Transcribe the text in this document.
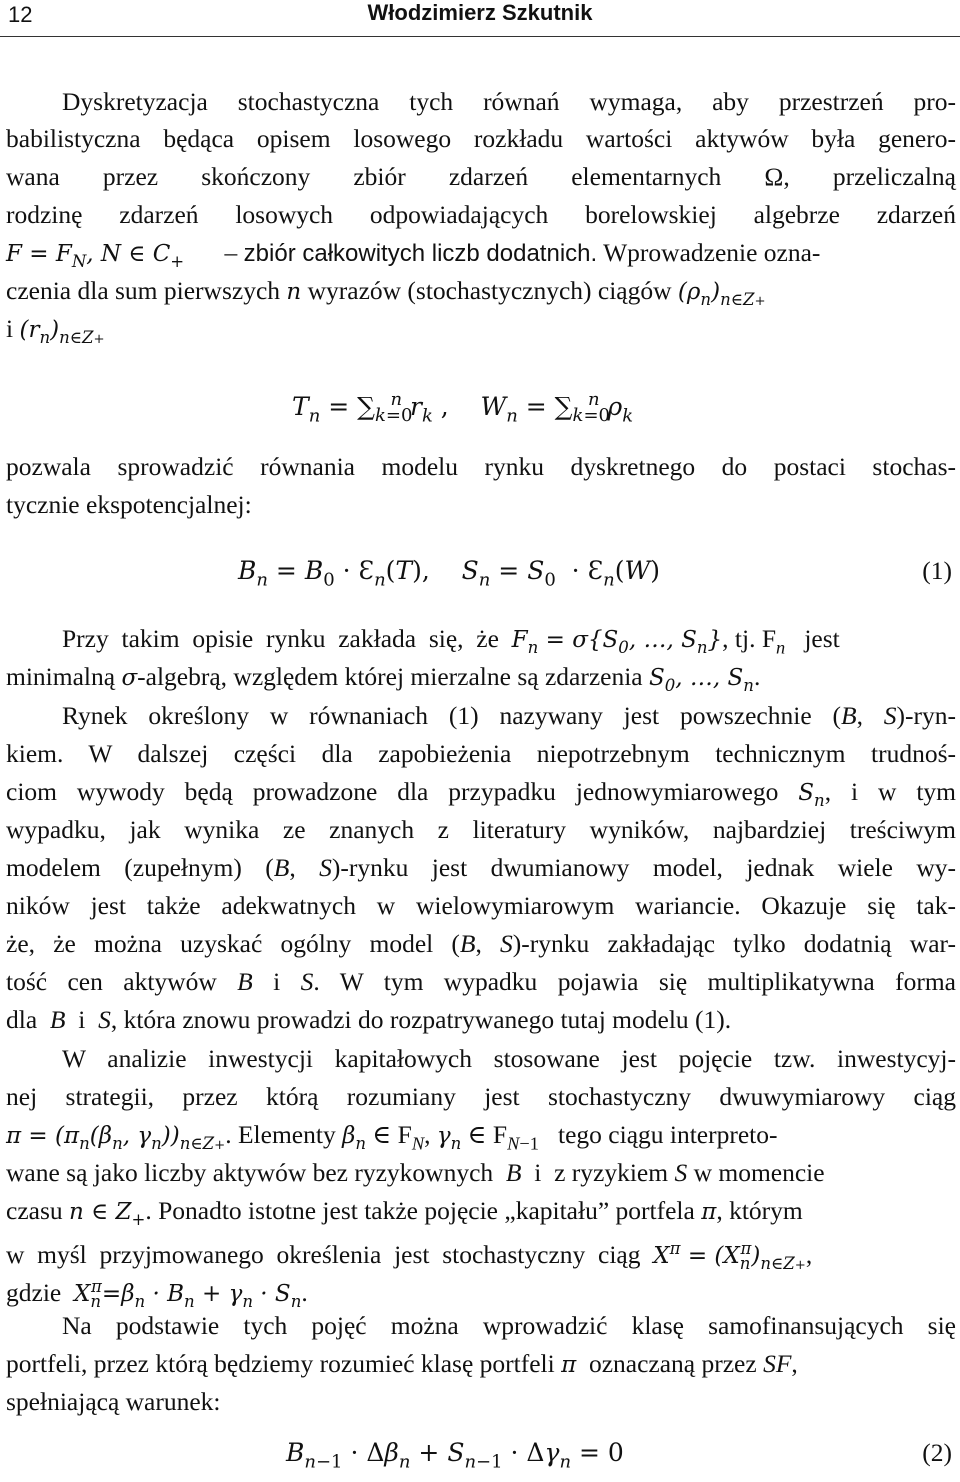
12	Włodzimierz Szkutnik
Dyskretyzacja stochastyczna tych równań wymaga, aby przestrzeń pro-
babilistyczna będąca opisem losowego rozkładu wartości aktywów była genero-
wana przez skończony zbiór zdarzeń elementarnych Ω, przeliczalną
rodzinę zdarzeń losowych odpowiadających borelowskiej algebrze zdarzeń
$F = F_N$, N ∈ $C_+$ – zbiór całkowitych liczb dodatnich. Wprowadzenie ozna-
czenia dla sum pierwszych n wyrazów (stochastycznych) ciągów $(\rho_n)_{n\in Z+}$
i $(r_n)_{n\in Z+}$
$T_n = \sum_{k=0}^n$ $r_k$ ,    $W_n = \sum_{k=0}^n$ $\rho_k$
pozwala sprowadzić równania modelu rynku dyskretnego do postaci stochas-
tycznie ekspotencjalnej:
$B_n = B_0$ · $Ɛ_n(T)$,    $S_n = S_0$  · $Ɛ_n(W)$	(1)
Przy  takim  opisie  rynku  zakłada  się,  że  $F_n = \sigma\{S_0$, …, $S_n$}, tj. $F_n$   jest
minimalną σ-algebrą, względem której mierzalne są zdarzenia $S_0$, …, $S_n$.
Rynek określony w równaniach (1) nazywany jest powszechnie (B, S)-ryn-
kiem. W dalszej części dla zapobieżenia niepotrzebnym technicznym trudnoś-
ciom wywody będą prowadzone dla przypadku jednowymiarowego $S_n$, i w tym
wypadku, jak wynika ze znanych z literatury wyników, najbardziej treściwym
modelem (zupełnym) (B, S)-rynku jest dwumianowy model, jednak wiele wy-
ników jest także adekwatnych w wielowymiarowym wariancie. Okazuje się tak-
że, że można uzyskać ogólny model (B, S)-rynku zakładając tylko dodatnią war-
tość cen aktywów B i S. W tym wypadku pojawia się multiplikatywna forma
dla  B  i  S, która znowu prowadzi do rozpatrywanego tutaj modelu (1).
W analizie inwestycji kapitałowych stosowane jest pojęcie tzw. inwestycyj-
nej strategii, przez którą rozumiany jest stochastyczny dwuwymiarowy ciąg
$\pi = (\pi_n(\beta_n$, $\gamma_n))_{n\in Z+}$. Elementy $\beta_n$ ∈ $F_N$, $\gamma_n$ ∈ $F_{N-1}$   tego ciągu interpreto-
wane są jako liczby aktywów bez ryzykownych  B  i  z ryzykiem S w momencie
czasu n ∈ $Z_+$. Ponadto istotne jest także pojęcie „kapitału” portfela π, którym
w  myśl  przyjmowanego  określenia  jest  stochastyczny  ciąg  $X^\pi = (X_n^\pi)_{n\in Z+}$,
gdzie  $X_n^\pi=\beta_n \cdot B_n + \gamma_n \cdot S_n$.
Na podstawie tych pojęć można wprowadzić klasę samofinansujących się
portfeli, przez którą będziemy rozumieć klasę portfeli π  oznaczaną przez SF,
spełniającą warunek:
$B_{n-1} \cdot \Delta\beta_n + S_{n-1} \cdot \Delta\gamma_n = 0$	(2)
